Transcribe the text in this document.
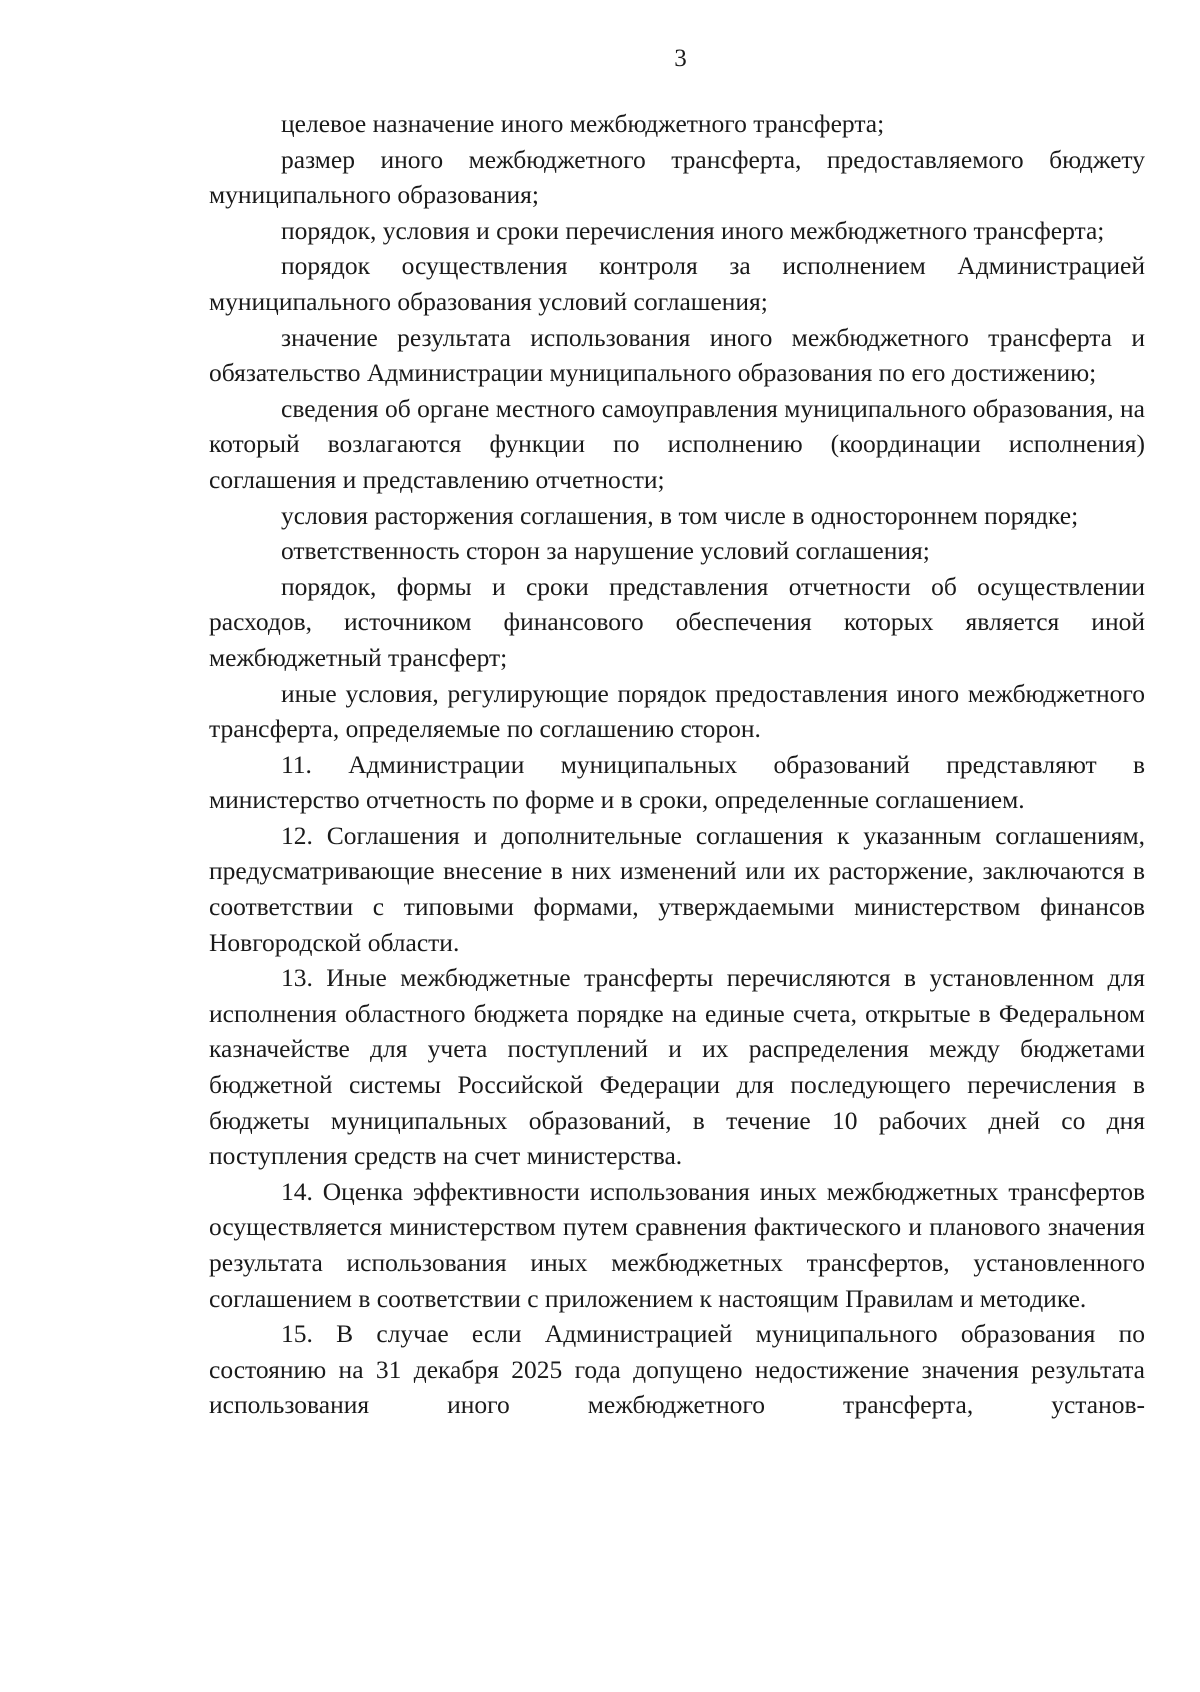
3

целевое назначение иного межбюджетного трансферта;

размер иного межбюджетного трансферта, предоставляемого бюджету муниципального образования;

порядок, условия и сроки перечисления иного межбюджетного трансферта;

порядок осуществления контроля за исполнением Администрацией муниципального образования условий соглашения;

значение результата использования иного межбюджетного трансферта и обязательство Администрации муниципального образования по его достижению;

сведения об органе местного самоуправления муниципального образования, на который возлагаются функции по исполнению (координации исполнения) соглашения и представлению отчетности;

условия расторжения соглашения, в том числе в одностороннем порядке;

ответственность сторон за нарушение условий соглашения;

порядок, формы и сроки представления отчетности об осуществлении расходов, источником финансового обеспечения которых является иной межбюджетный трансферт;

иные условия, регулирующие порядок предоставления иного межбюджетного трансферта, определяемые по соглашению сторон.

11. Администрации муниципальных образований представляют в министерство отчетность по форме и в сроки, определенные соглашением.

12. Соглашения и дополнительные соглашения к указанным соглашениям, предусматривающие внесение в них изменений или их расторжение, заключаются в соответствии с типовыми формами, утверждаемыми министерством финансов Новгородской области.

13. Иные межбюджетные трансферты перечисляются в установленном для исполнения областного бюджета порядке на единые счета, открытые в Федеральном казначействе для учета поступлений и их распределения между бюджетами бюджетной системы Российской Федерации для последующего перечисления в бюджеты муниципальных образований, в течение 10 рабочих дней со дня поступления средств на счет министерства.

14. Оценка эффективности использования иных межбюджетных трансфертов осуществляется министерством путем сравнения фактического и планового значения результата использования иных межбюджетных трансфертов, установленного соглашением в соответствии с приложением к настоящим Правилам и методике.

15. В случае если Администрацией муниципального образования по состоянию на 31 декабря 2025 года допущено недостижение значения результата использования иного межбюджетного трансферта, установ-
